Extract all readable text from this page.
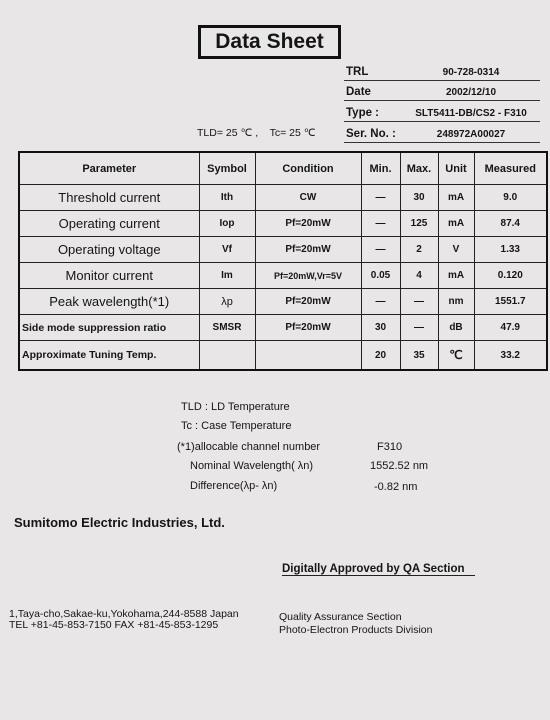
Data Sheet
TRL	90-728-0314
Date	2002/12/10
Type :	SLT5411-DB/CS2 - F310
Ser. No. :	248972A00027
TLD= 25 ℃ , Tc= 25 ℃
Parameter	Symbol	Condition	Min.	Max.	Unit	Measured
Threshold current	Ith	CW	—	30	mA	9.0
Operating current	Iop	Pf=20mW	—	125	mA	87.4
Operating voltage	Vf	Pf=20mW	—	2	V	1.33
Monitor current	Im	Pf=20mW,Vr=5V	0.05	4	mA	0.120
Peak wavelength(*1)	λp	Pf=20mW	—	—	nm	1551.7
Side mode suppression ratio	SMSR	Pf=20mW	30	—	dB	47.9
Approximate Tuning Temp.			20	35	℃	33.2
TLD : LD Temperature
Tc : Case Temperature
(*1)allocable channel number	F310
Nominal Wavelength( λn)	1552.52 nm
Difference(λp- λn)	-0.82 nm
Sumitomo Electric Industries, Ltd.
Digitally Approved by QA Section
1,Taya-cho,Sakae-ku,Yokohama,244-8588 Japan
TEL +81-45-853-7150 FAX +81-45-853-1295
Quality Assurance Section
Photo-Electron Products Division
